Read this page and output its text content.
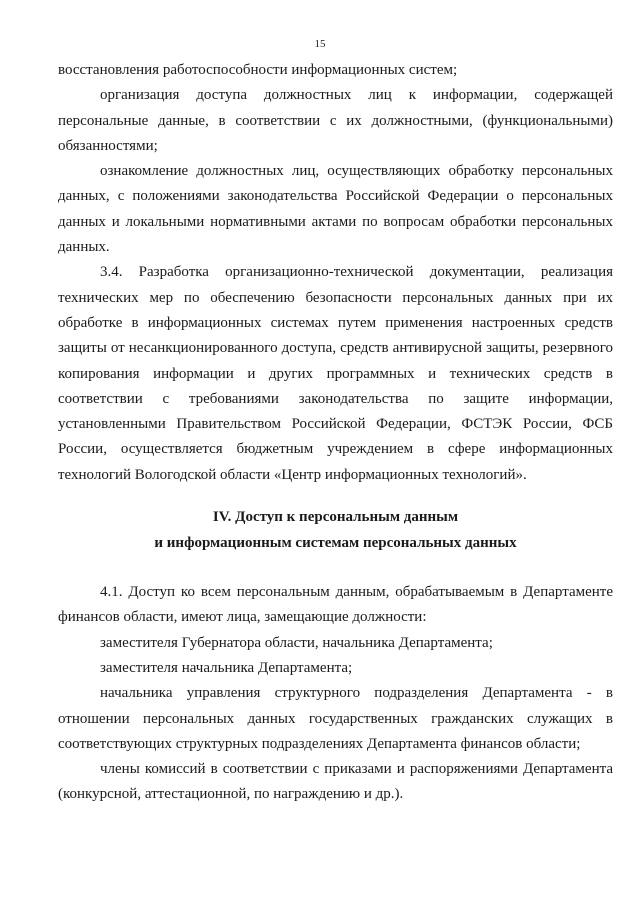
15

восстановления работоспособности информационных систем;

организация доступа должностных лиц к информации, содержащей персональные данные, в соответствии с их должностными, (функциональными) обязанностями;

ознакомление должностных лиц, осуществляющих обработку персональных данных, с положениями законодательства Российской Федерации о персональных данных и локальными нормативными актами по вопросам обработки персональных данных.

3.4. Разработка организационно-технической документации, реализация технических мер по обеспечению безопасности персональных данных при их обработке в информационных системах путем применения настроенных средств защиты от несанкционированного доступа, средств антивирусной защиты, резервного копирования информации и других программных и технических средств в соответствии с требованиями законодательства по защите информации, установленными Правительством Российской Федерации, ФСТЭК России, ФСБ России, осуществляется бюджетным учреждением в сфере информационных технологий Вологодской области «Центр информационных технологий».

IV. Доступ к персональным данным
и информационным системам персональных данных

4.1. Доступ ко всем персональным данным, обрабатываемым в Департаменте финансов области, имеют лица, замещающие должности:

заместителя Губернатора области, начальника Департамента;

заместителя начальника Департамента;

начальника управления структурного подразделения Департамента - в отношении персональных данных государственных гражданских служащих в соответствующих структурных подразделениях Департамента финансов области;

члены комиссий в соответствии с приказами и распоряжениями Департамента (конкурсной, аттестационной, по награждению и др.).
